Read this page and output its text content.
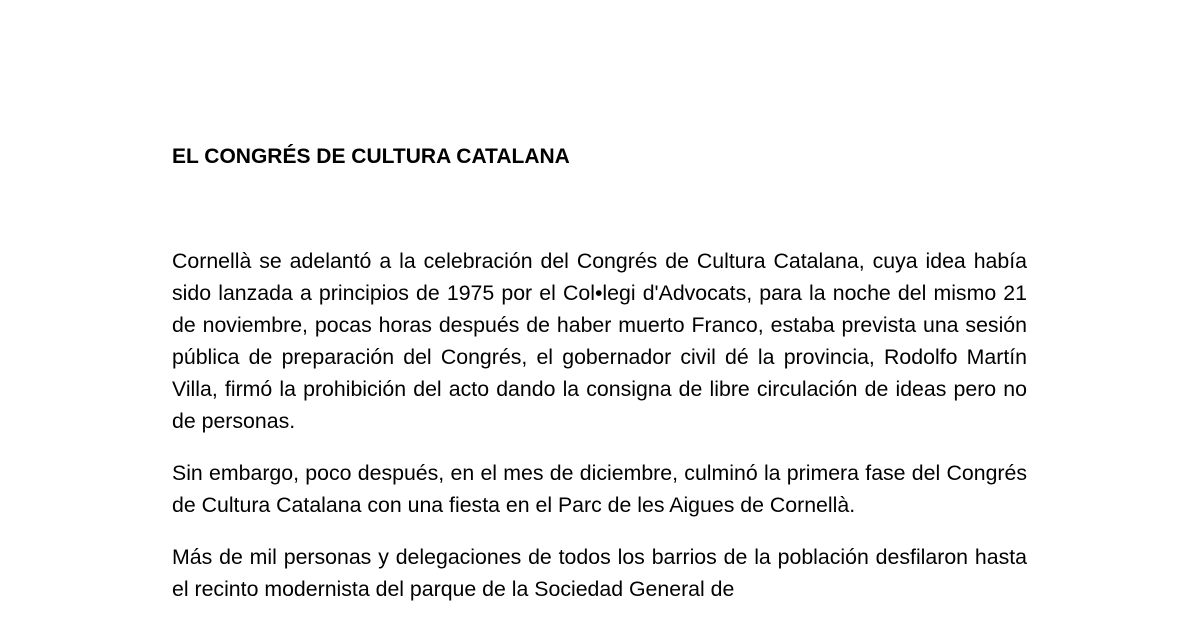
EL CONGRÉS DE CULTURA CATALANA

Cornellà se adelantó a la celebración del Congrés de Cultura Catalana, cuya idea había sido lanzada a principios de 1975 por el Col•legi d'Advocats, para la noche del mismo 21 de noviembre, pocas horas después de haber muerto Franco, estaba prevista una sesión pública de preparación del Congrés, el gobernador civil dé la provincia, Rodolfo Martín Villa, firmó la prohibición del acto dando la consigna de libre circulación de ideas pero no de personas.

Sin embargo, poco después, en el mes de diciembre, culminó la primera fase del Congrés de Cultura Catalana con una fiesta en el Parc de les Aigues de Cornellà.

Más de mil personas y delegaciones de todos los barrios de la población desfilaron hasta el recinto modernista del parque de la Sociedad General de
